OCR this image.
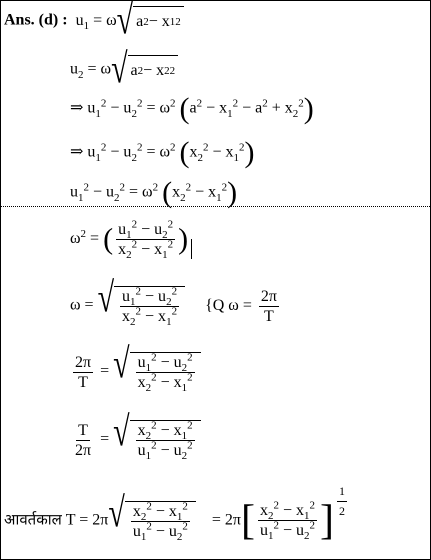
Ans. (d) :  $u_1 = \omega$ √ a 2 − x 1 2
$u_2 = \omega$ √ a 2 − x 2 2
⇒ $u_1^2 - u_2^2 = \omega^2$ $(a^2 - x_1^2 - a^2 + x_2^2)$
⇒ $u_1^2 - u_2^2 = \omega^2$ $(x_2^2 - x_1^2)$
$u_1^2 - u_2^2 = \omega^2$ $(x_2^2 - x_1^2)$
$\omega^2$ = ( $\frac{u_1^2 - u_2^2}{x_2^2 - x_1^2}$ )
ω = √ $\frac{u_1^2 - u_2^2}{x_2^2 - x_1^2} \{Q$ $\omega = \frac{2\pi}{T}$
$\frac{2\pi}{T}$ = √ $\frac{u_1^2 - u_2^2}{x_2^2 - x_1^2}$
$\frac{T}{2\pi}$ = √ $\frac{x_2^2 - x_1^2}{u_1^2 - u_2^2}$
आवर्तकाल T = 2π √ $\frac{x_2^2 - x_1^2}{u_1^2 - u_2^2} = 2\pi[ \frac{x_2^2 - x_1^2}{u_1^2 - u_2^2}$ ] $^{\frac{1}{2}}$
